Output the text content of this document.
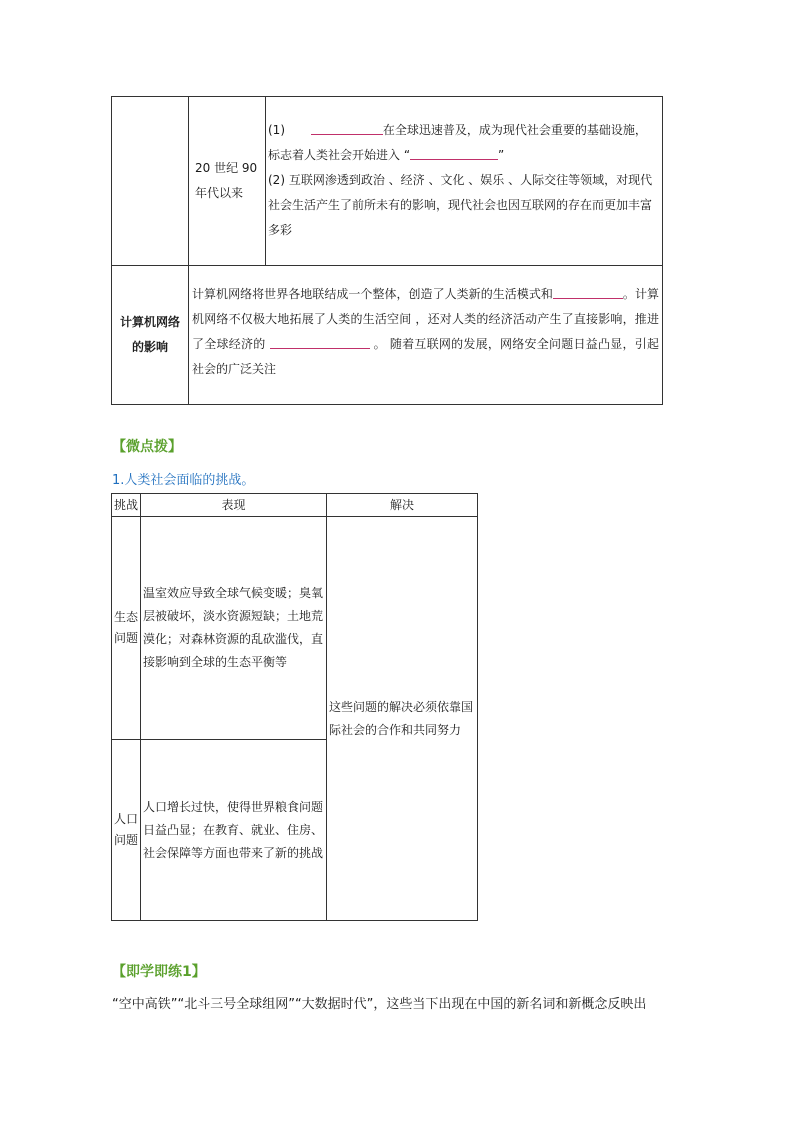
	20 世纪 90 年代以来	(1) 在全球迅速普及，成为现代社会重要的基础设施，标志着人类社会开始进入 “ ”
(2) 互联网渗透到政治 、经济 、文化 、娱乐 、人际交往等领域，对现代社会生活产生了前所未有的影响，现代社会也因互联网的存在而更加丰富多彩

计算机网络的影响	计算机网络将世界各地联结成一个整体，创造了人类新的生活模式和 。计算机网络不仅极大地拓展了人类的生活空间 ，还对人类的经济活动产生了直接影响，推进了全球经济的 。 随着互联网的发展，网络安全问题日益凸显，引起社会的广泛关注	
【微点拨】
1.人类社会面临的挑战。
挑战	表现	解决
生态问题	温室效应导致全球气候变暖；臭氧层被破坏，淡水资源短缺；土地荒漠化；对森林资源的乱砍滥伐，直接影响到全球的生态平衡等	这些问题的解决必须依靠国际社会的合作和共同努力
人口问题	人口增长过快，使得世界粮食问题日益凸显；在教育、就业、住房、社会保障等方面也带来了新的挑战	
【即学即练1】
“空中高铁”“北斗三号全球组网”“大数据时代”，这些当下出现在中国的新名词和新概念反映出
